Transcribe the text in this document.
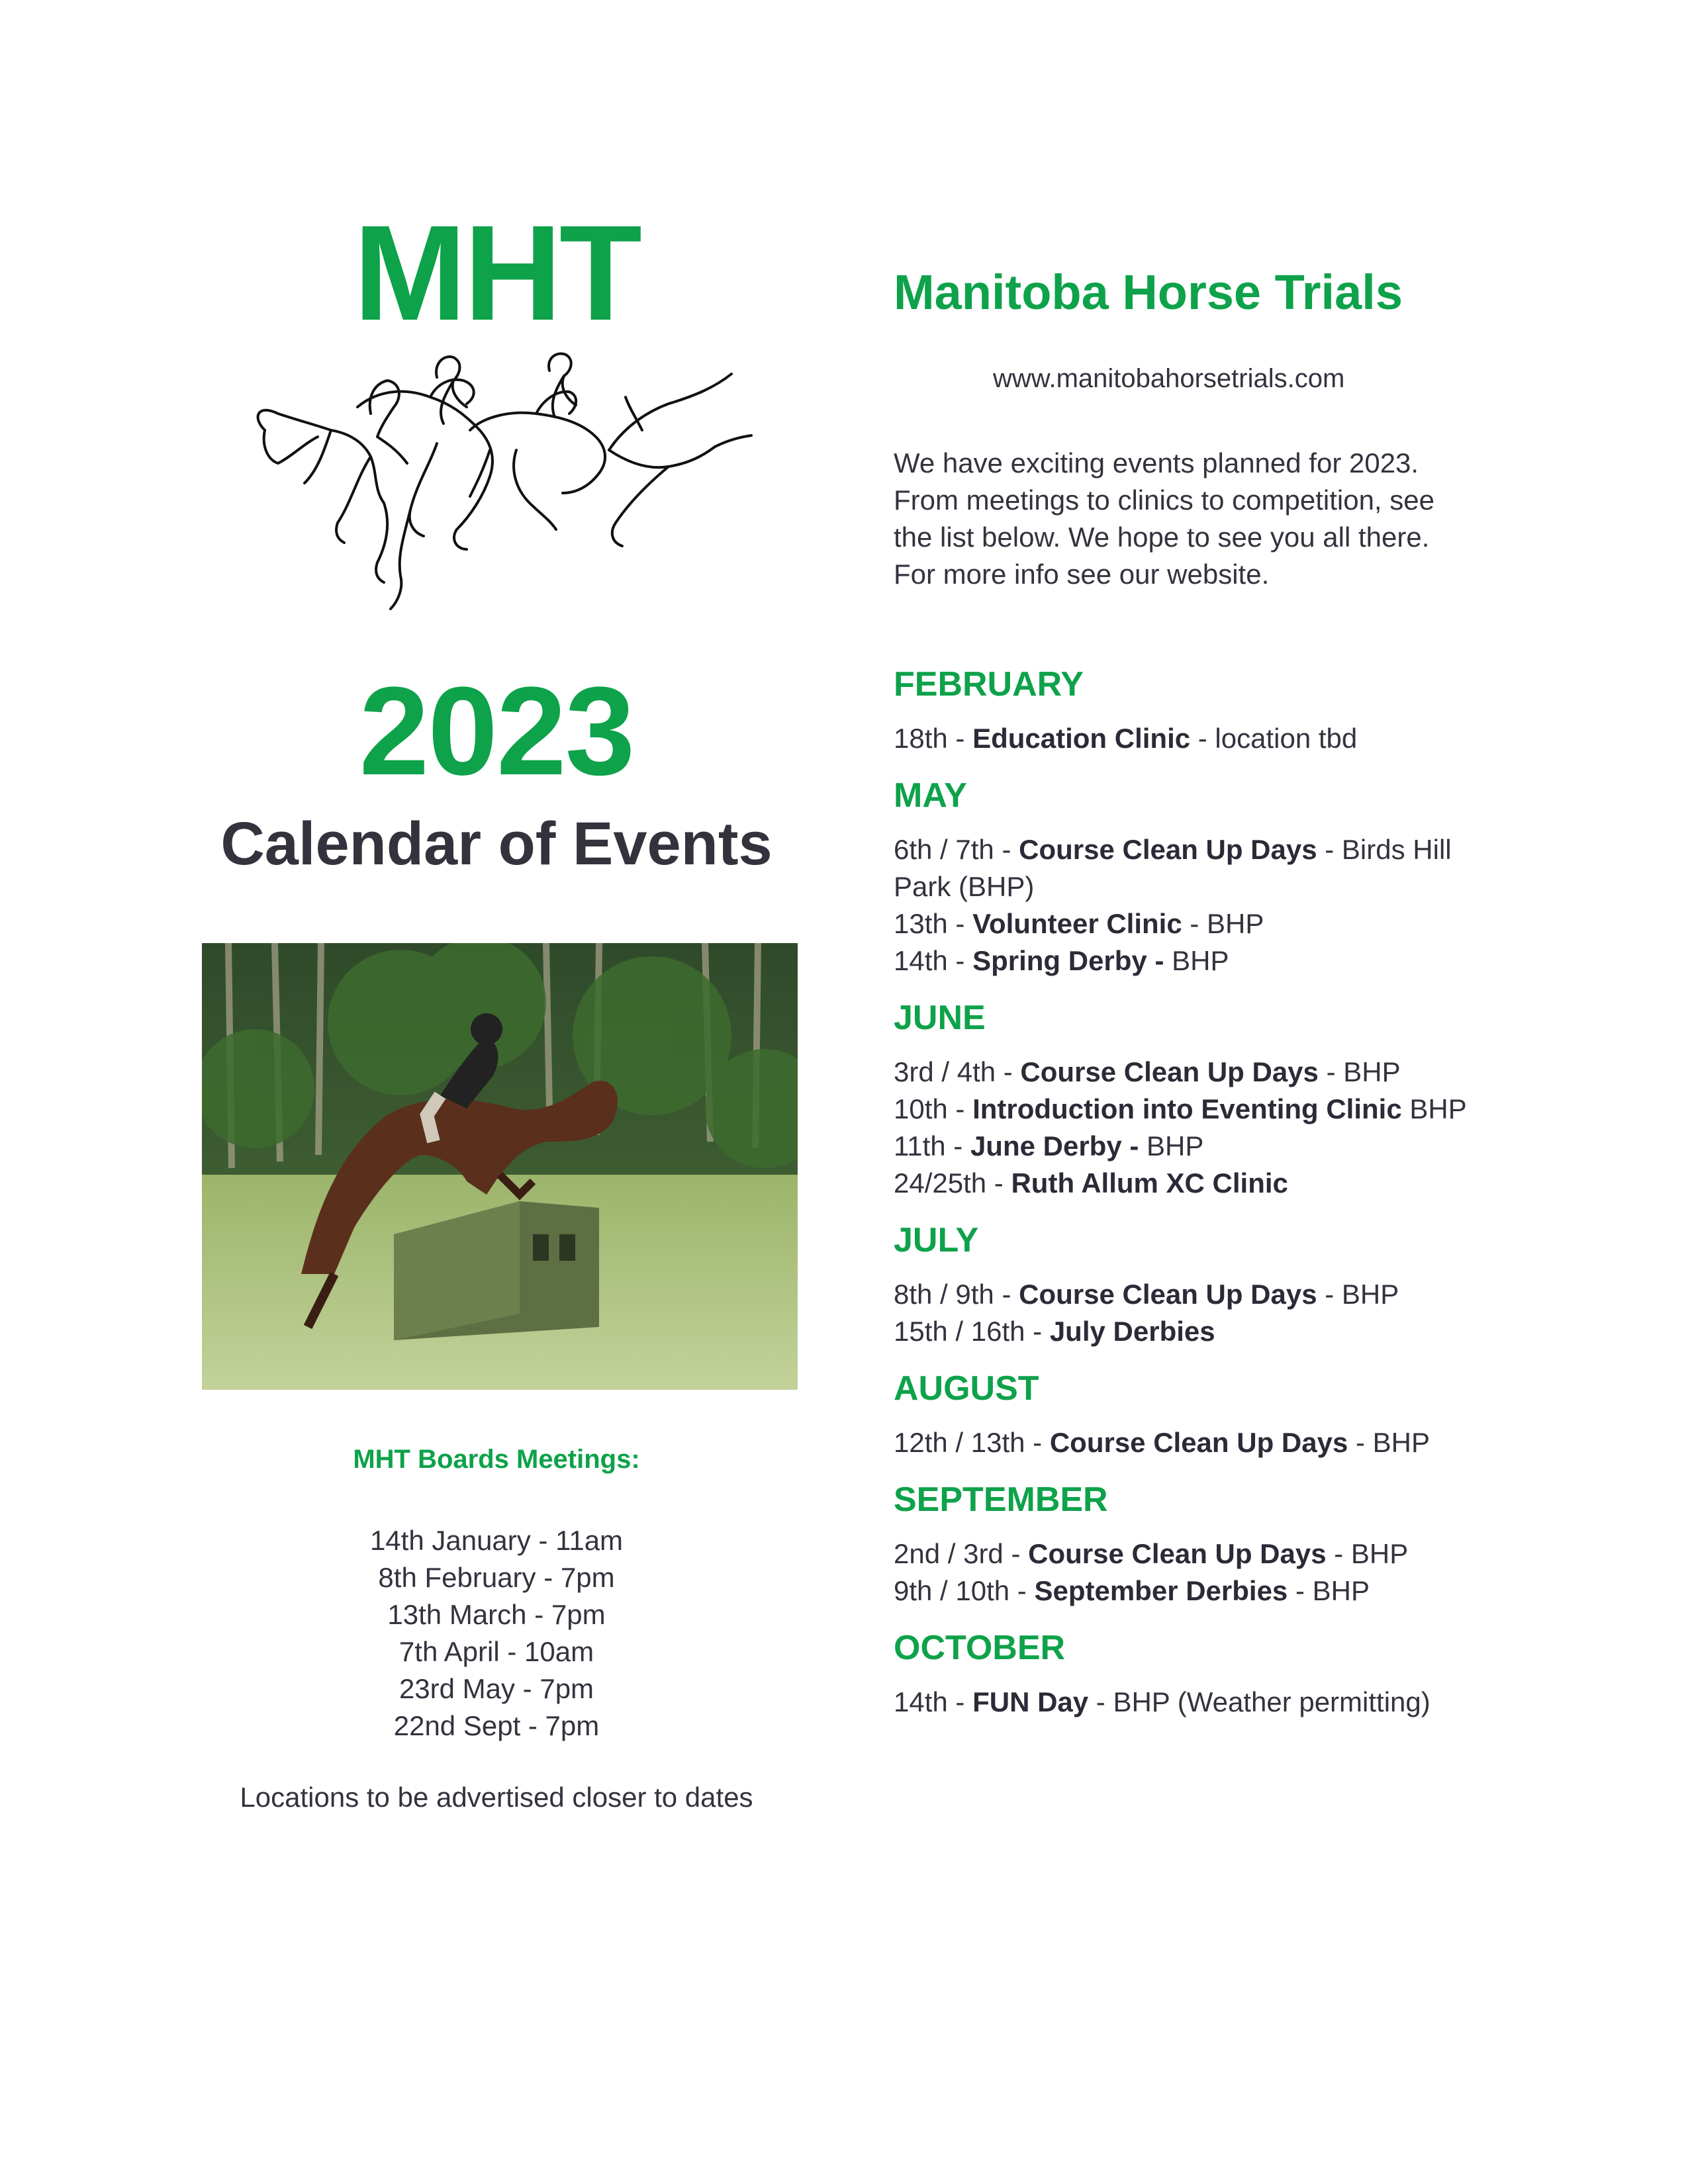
MHT
2023
Calendar of Events
MHT Boards Meetings:
14th January - 11am
8th February - 7pm
13th March - 7pm
7th April - 10am
23rd May - 7pm
22nd Sept - 7pm
Locations to be advertised closer to dates
Manitoba Horse Trials
www.manitobahorsetrials.com

We have exciting events planned for 2023.
From meetings to clinics to competition, see
the list below. We hope to see you all there.
For more info see our website.

FEBRUARY
18th - Education Clinic - location tbd
MAY
6th / 7th - Course Clean Up Days - Birds Hill Park (BHP)
13th - Volunteer Clinic - BHP
14th - Spring Derby - BHP
JUNE
3rd / 4th - Course Clean Up Days - BHP
10th - Introduction into Eventing Clinic BHP
11th - June Derby - BHP
24/25th - Ruth Allum XC Clinic
JULY
8th / 9th - Course Clean Up Days - BHP
15th / 16th - July Derbies
AUGUST
12th / 13th - Course Clean Up Days - BHP
SEPTEMBER
2nd / 3rd - Course Clean Up Days - BHP
9th / 10th - September Derbies - BHP
OCTOBER
14th - FUN Day - BHP (Weather permitting)
